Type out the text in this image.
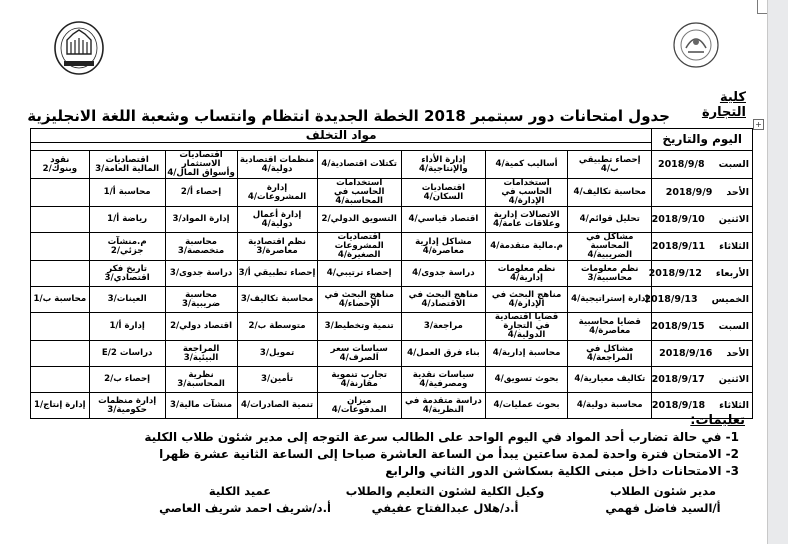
كلية التجارة
جدول امتحانات دور سبتمبر 2018 الخطة الجديدة انتظام وانتساب وشعبة اللغة الانجليزية	+
اليوم والتاريخ	مواد التخلف							

السبت2018/9/8	إحصاء تطبيقي ب/4	أساليب كمية/4	إدارة الأداء والإنتاجية/4	تكتلات اقتصادية/4	منظمات اقتصادية دولية/4	اقتصاديات الاستثمار وأسواق المال/4	اقتصاديات المالية العامة/3	نقود وبنوك/2
الأحد2018/9/9	محاسبة تكاليف/4	استخدامات الحاسب في الإدارة/4	اقتصاديات السكان/4	استخدامات الحاسب في المحاسبة/4	إدارة المشروعات/4	إحصاء أ/2	محاسبة أ/1	
الاثنين2018/9/10	تحليل قوائم/4	الاتصالات إدارية وعلاقات عامة/4	اقتصاد قياسي/4	التسويق الدولي/2	إدارة أعمال دولية/4	إدارة المواد/3	رياضة أ/1	
الثلاثاء2018/9/11	مشاكل في المحاسبة الضريبية/4	م.مالية متقدمة/4	مشاكل إدارية معاصرة/4	اقتصاديات المشروعات الصغيرة/4	نظم اقتصادية معاصرة/3	محاسبة متخصصة/3	م.منشآت جزئي/2	
الأربعاء2018/9/12	نظم معلومات محاسبية/3	نظم معلومات إدارية/4	دراسة جدوى/4	إحصاء ترتيبي/4	إحصاء تطبيقي أ/3	دراسة جدوى/3	تاريخ فكر اقتصادي/3	
الخميس2018/9/13	إدارة إستراتيجية/4	مناهج البحث في الإدارة/4	مناهج البحث في الاقتصاد/4	مناهج البحث في الإحصاء/4	محاسبة تكاليف/3	محاسبة ضريبية/3	العينات/3	محاسبة ب/1
السبت2018/9/15	قضايا محاسبية معاصرة/4	قضايا اقتصادية في التجارة الدولية/4	مراجعة/3	تنمية وتخطيط/3	متوسطة ب/2	اقتصاد دولي/2	إدارة أ/1	
الأحد2018/9/16	مشاكل في المراجعة/4	محاسبة إدارية/4	بناء فرق العمل/4	سياسات سعر الصرف/4	تمويل/3	المراجعة البيئية/3	دراسات E/2	
الاثنين2018/9/17	تكاليف معيارية/4	بحوث تسويق/4	سياسات نقدية ومصرفية/4	تجارب تنموية مقارنة/4	تأمين/3	نظرية المحاسبة/3	إحصاء ب/2	
الثلاثاء2018/9/18	محاسبة دولية/4	بحوث عمليات/4	دراسة متقدمة في النظرية/4	ميزان المدفوعات/4	تنمية الصادرات/4	منشآت مالية/3	إدارة منظمات حكومية/3	إدارة إنتاج/1
تعليمات:
1- في حالة تضارب أحد المواد في اليوم الواحد على الطالب سرعة التوجه إلى مدير شئون طلاب الكلية
2- الامتحان فترة واحدة لمدة ساعتين يبدأ من الساعة العاشرة صباحا إلى الساعة الثانية عشرة ظهرا
3- الامتحانات داخل مبنى الكلية بسكاشن الدور الثاني والرابع
مدير شئون الطلاب
وكيل الكلية لشئون التعليم والطلاب
عميد الكلية
أ/السيد فاضل فهمي
أ.د/هلال عبدالفتاح عفيفي
أ.د/شريف احمد شريف العاصي
